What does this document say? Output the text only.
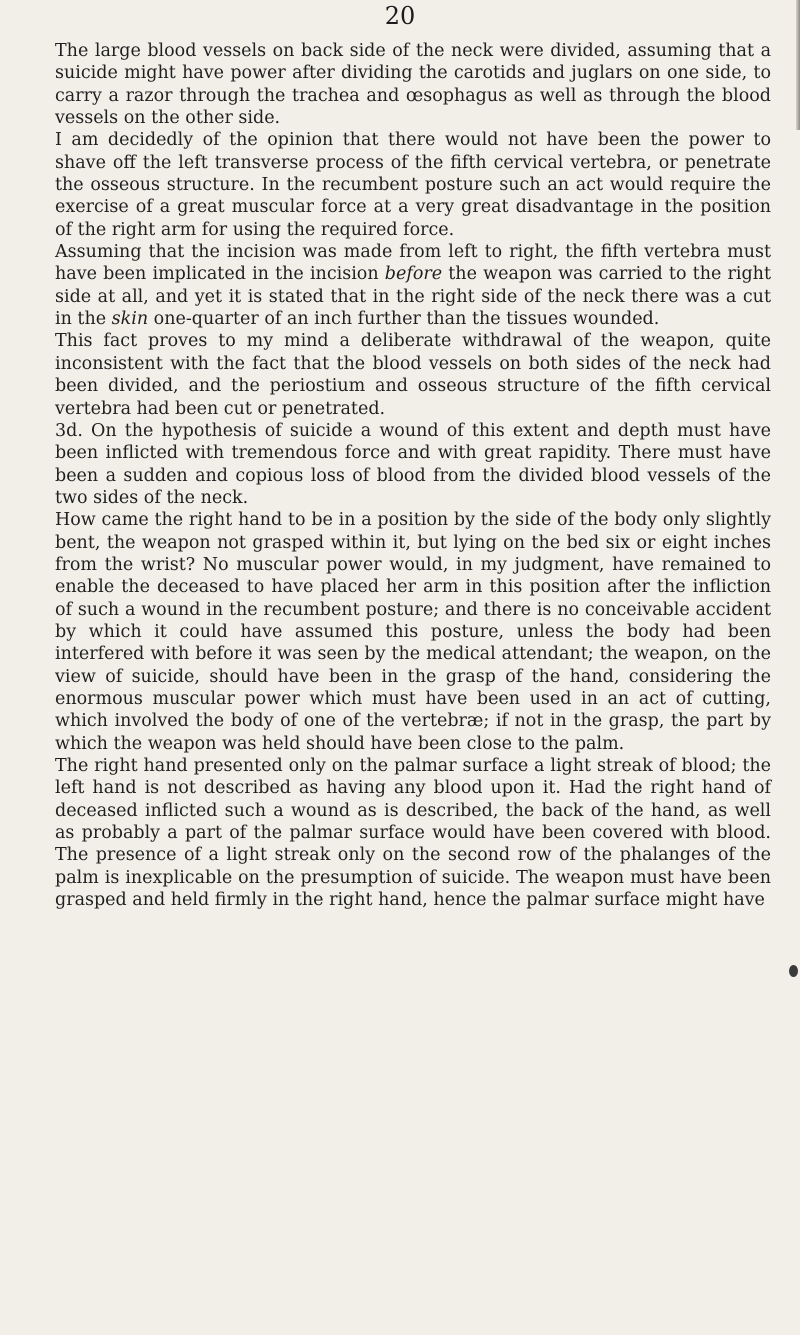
20

The large blood vessels on back side of the neck were divided, assuming that a suicide might have power after dividing the carotids and juglars on one side, to carry a razor through the trachea and œsophagus as well as through the blood vessels on the other side.

I am decidedly of the opinion that there would not have been the power to shave off the left transverse process of the fifth cervical vertebra, or penetrate the osseous structure. In the recumbent posture such an act would require the exercise of a great muscular force at a very great disadvantage in the position of the right arm for using the required force.

Assuming that the incision was made from left to right, the fifth vertebra must have been implicated in the incision before the weapon was carried to the right side at all, and yet it is stated that in the right side of the neck there was a cut in the skin one-quarter of an inch further than the tissues wounded.

This fact proves to my mind a deliberate withdrawal of the weapon, quite inconsistent with the fact that the blood vessels on both sides of the neck had been divided, and the periostium and osseous structure of the fifth cervical vertebra had been cut or penetrated.

3d. On the hypothesis of suicide a wound of this extent and depth must have been inflicted with tremendous force and with great rapidity. There must have been a sudden and copious loss of blood from the divided blood vessels of the two sides of the neck.

How came the right hand to be in a position by the side of the body only slightly bent, the weapon not grasped within it, but lying on the bed six or eight inches from the wrist? No muscular power would, in my judgment, have remained to enable the deceased to have placed her arm in this position after the infliction of such a wound in the recumbent posture; and there is no conceivable accident by which it could have assumed this posture, unless the body had been interfered with before it was seen by the medical attendant; the weapon, on the view of suicide, should have been in the grasp of the hand, considering the enormous muscular power which must have been used in an act of cutting, which involved the body of one of the vertebræ; if not in the grasp, the part by which the weapon was held should have been close to the palm.

The right hand presented only on the palmar surface a light streak of blood; the left hand is not described as having any blood upon it. Had the right hand of deceased inflicted such a wound as is described, the back of the hand, as well as probably a part of the palmar surface would have been covered with blood. The presence of a light streak only on the second row of the phalanges of the palm is inexplicable on the presumption of suicide. The weapon must have been grasped and held firmly in the right hand, hence the palmar surface might have
